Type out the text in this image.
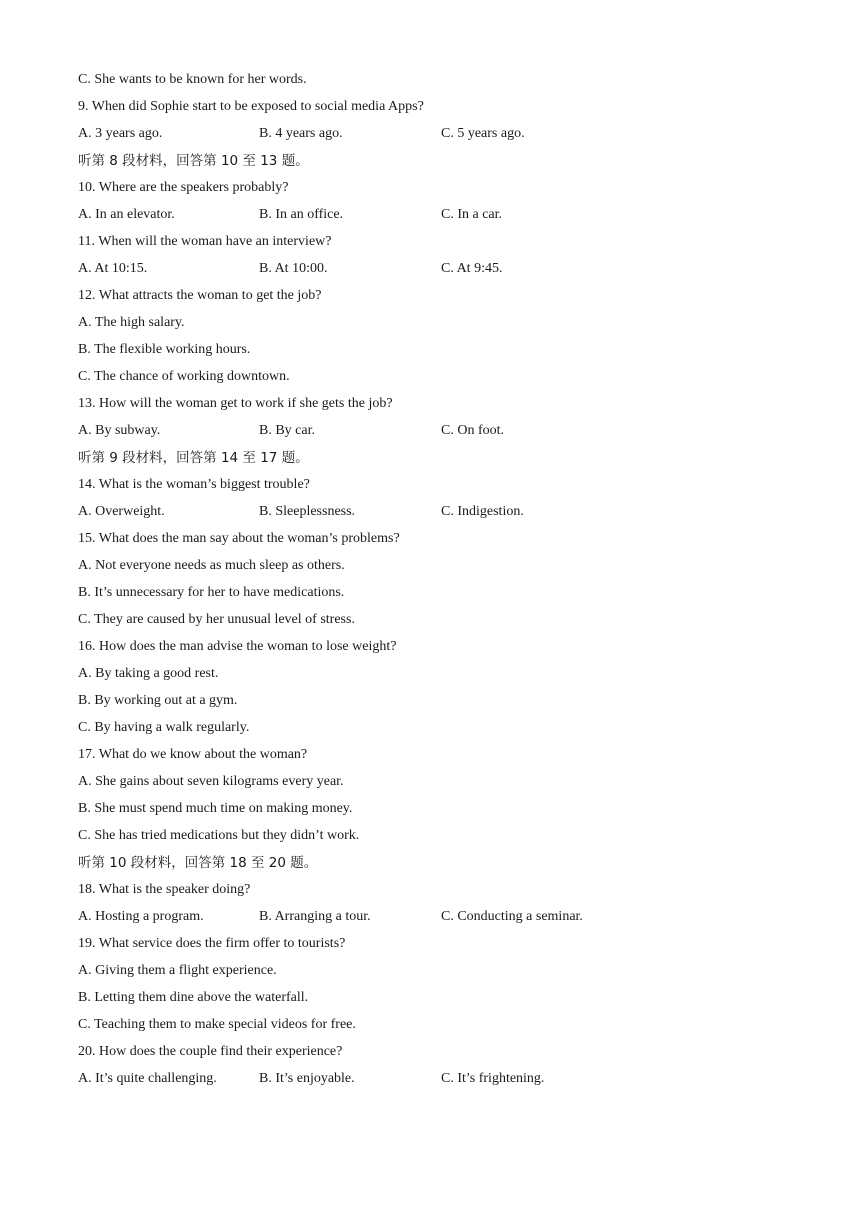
C. She wants to be known for her words.
9. When did Sophie start to be exposed to social media Apps?
A. 3 years ago.	B. 4 years ago.	C. 5 years ago.
听第 8 段材料，回答第 10 至 13 题。
10. Where are the speakers probably?
A. In an elevator.	B. In an office.	C. In a car.
11. When will the woman have an interview?
A. At 10:15.	B. At 10:00.	C. At 9:45.
12. What attracts the woman to get the job?
A. The high salary.
B. The flexible working hours.
C. The chance of working downtown.
13. How will the woman get to work if she gets the job?
A. By subway.	B. By car.	C. On foot.
听第 9 段材料，回答第 14 至 17 题。
14. What is the woman’s biggest trouble?
A. Overweight.	B. Sleeplessness.	C. Indigestion.
15. What does the man say about the woman’s problems?
A. Not everyone needs as much sleep as others.
B. It’s unnecessary for her to have medications.
C. They are caused by her unusual level of stress.
16. How does the man advise the woman to lose weight?
A. By taking a good rest.
B. By working out at a gym.
C. By having a walk regularly.
17. What do we know about the woman?
A. She gains about seven kilograms every year.
B. She must spend much time on making money.
C. She has tried medications but they didn’t work.
听第 10 段材料，回答第 18 至 20 题。
18. What is the speaker doing?
A. Hosting a program.	B. Arranging a tour.	C. Conducting a seminar.
19. What service does the firm offer to tourists?
A. Giving them a flight experience.
B. Letting them dine above the waterfall.
C. Teaching them to make special videos for free.
20. How does the couple find their experience?
A. It’s quite challenging.	B. It’s enjoyable.	C. It’s frightening.
